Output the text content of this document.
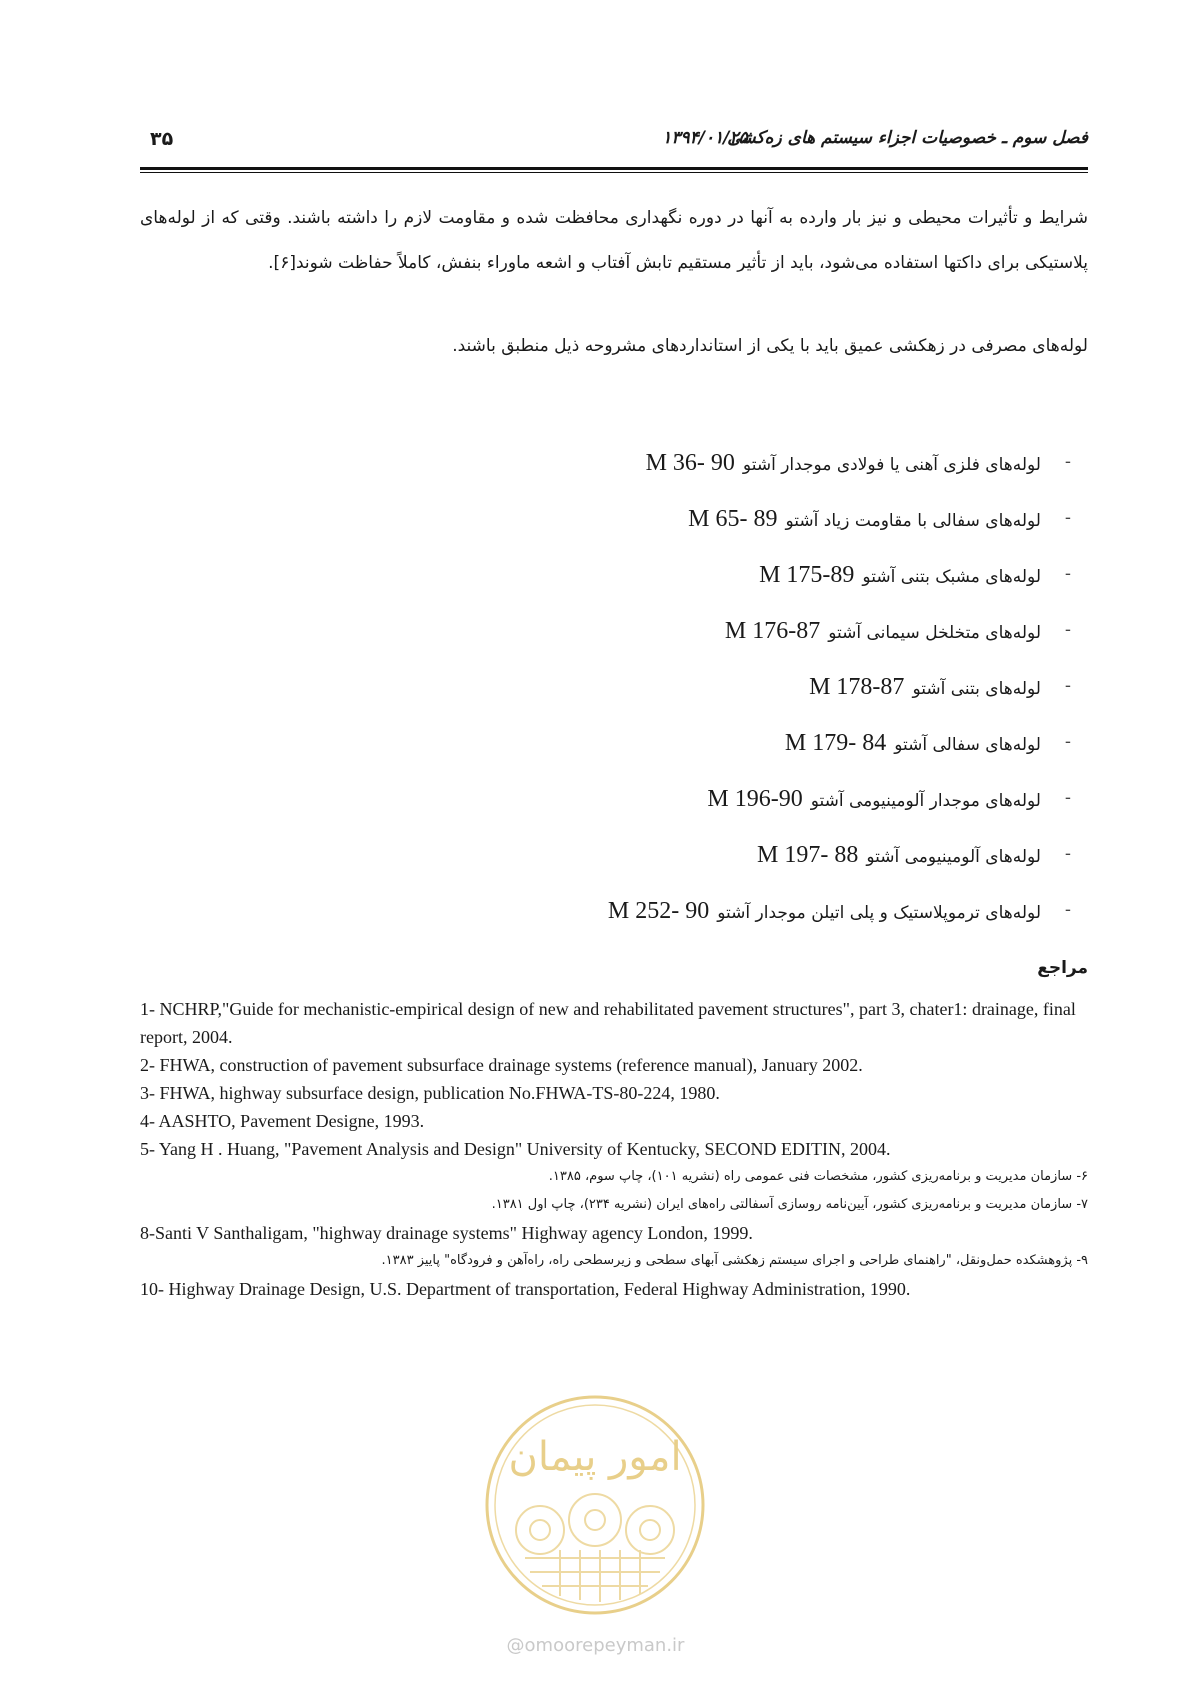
۳۵	۱۳۹۴/۰۱/۲۵
فصل سوم ـ خصوصیات اجزاء سیستم های زه‌کشی

شرایط و تأثیرات محیطی و نیز بار وارده به آنها در دوره نگهداری محافظت شده و مقاومت لازم را داشته باشند. وقتی که از لوله‌های پلاستیکی برای داکتها استفاده می‌شود، باید از تأثیر مستقیم تابش آفتاب و اشعه ماوراء بنفش، کاملاً حفاظت شوند[۶].

لوله‌های مصرفی در زهکشی عمیق باید با یکی از استانداردهای مشروحه ذیل منطبق باشند.

-
لوله‌های فلزی آهنی یا فولادی موجدار آشتوM 36- 90
-
لوله‌های سفالی با مقاومت زیاد آشتوM 65- 89
-
لوله‌های مشبک بتنی آشتوM 175-89
-
لوله‌های متخلخل سیمانی آشتوM 176-87
-
لوله‌های بتنی آشتوM 178-87
-
لوله‌های سفالی آشتوM 179- 84
-
لوله‌های موجدار آلومینیومی آشتوM 196-90
-
لوله‌های آلومینیومی آشتوM 197- 88
-
لوله‌های ترموپلاستیک و پلی اتیلن موجدار آشتوM 252- 90
مراجع

1- NCHRP,"Guide for mechanistic-empirical design of new and rehabilitated pavement structures", part 3, chater1: drainage, final report, 2004.

2- FHWA, construction of pavement subsurface drainage systems (reference manual), January 2002.

3- FHWA, highway subsurface design, publication No.FHWA-TS-80-224, 1980.

4- AASHTO, Pavement Designe, 1993.

5- Yang H . Huang, "Pavement Analysis and Design" University of Kentucky, SECOND EDITIN, 2004.

۶- سازمان مدیریت و برنامه‌ریزی کشور، مشخصات فنی عمومی راه (نشریه ۱۰۱)، چاپ سوم، ۱۳۸۵.

۷- سازمان مدیریت و برنامه‌ریزی کشور، آیین‌نامه روسازی آسفالتی راه‌های ایران (نشریه ۲۳۴)، چاپ اول ۱۳۸۱.

8-Santi V Santhaligam, "highway drainage systems" Highway agency London, 1999.

۹- پژوهشکده حمل‌ونقل، "راهنمای طراحی و اجرای سیستم زهکشی آبهای سطحی و زیرسطحی راه، راه‌آهن و فرودگاه" پاییز ۱۳۸۳.

10- Highway Drainage Design, U.S. Department of transportation, Federal Highway Administration, 1990.

امور پیمان
@omoorepeyman.ir
